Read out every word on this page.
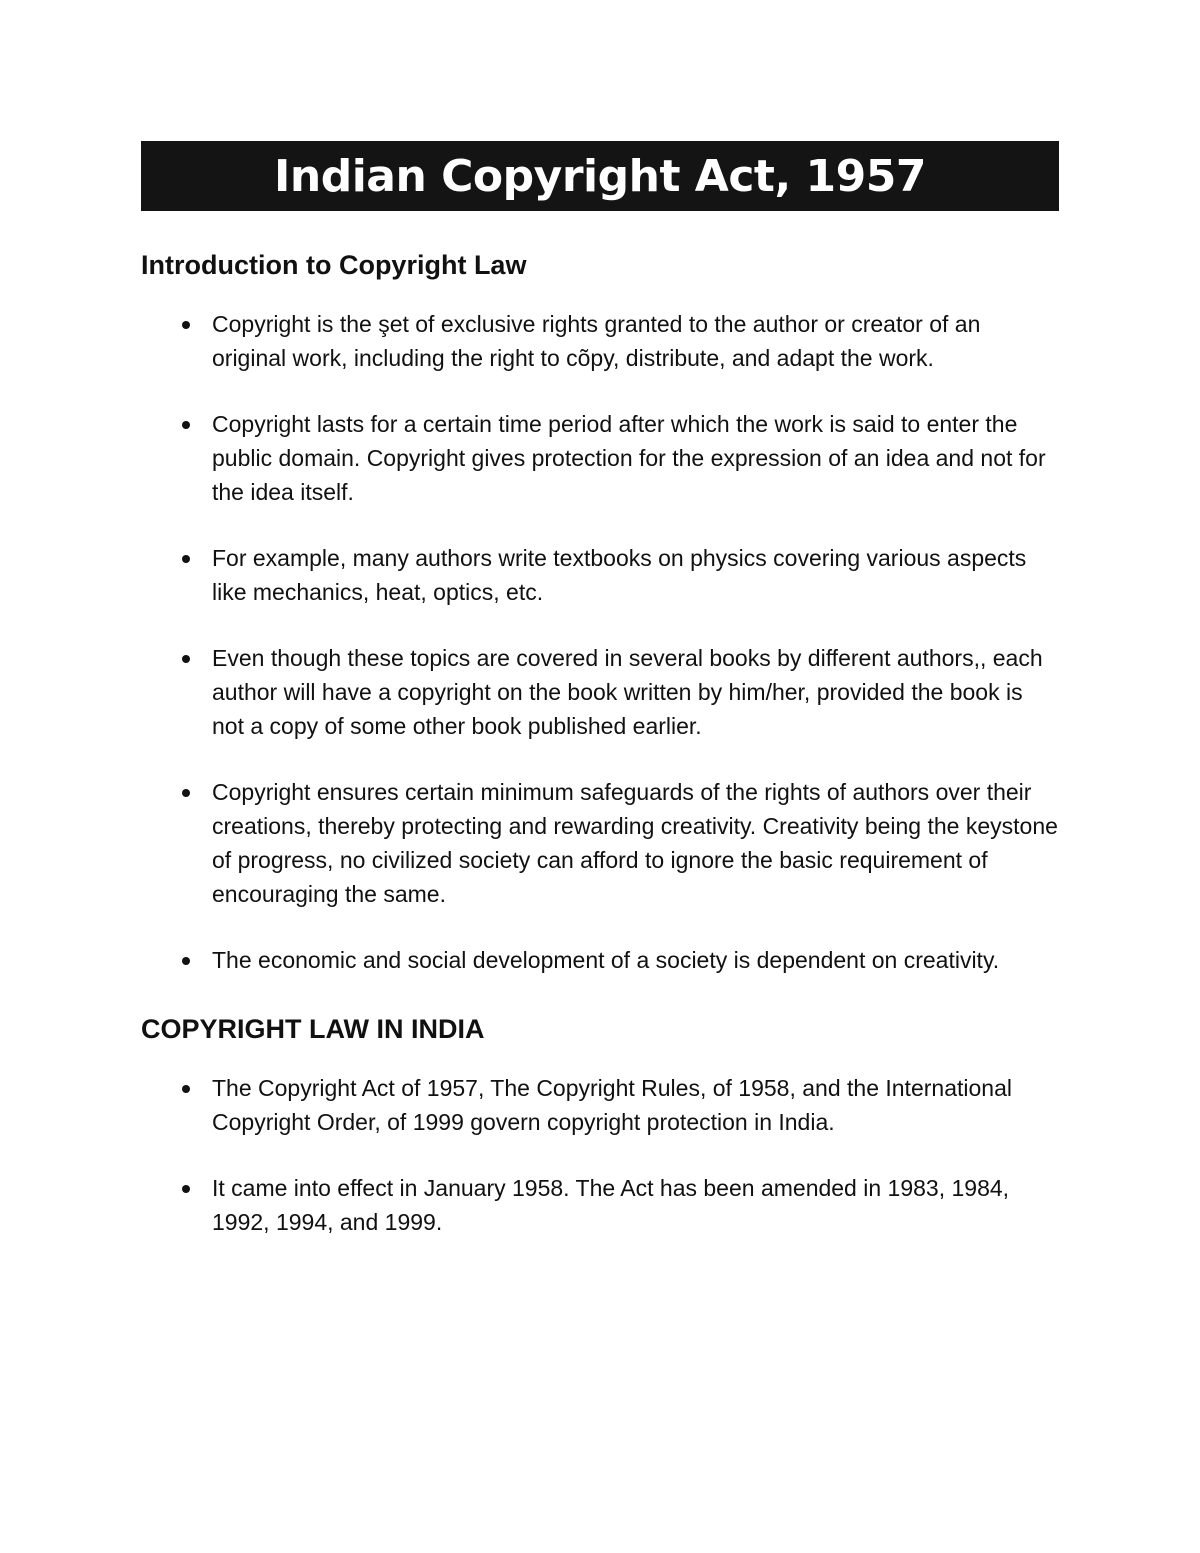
Indian Copyright Act, 1957
Introduction to Copyright Law
Copyright is the şet of exclusive rights granted to the author or creator of an original work, including the right to cõpy, distribute, and adapt the work.
Copyright lasts for a certain time period after which the work is said to enter the public domain. Copyright gives protection for the expression of an idea and not for the idea itself.
For example, many authors write textbooks on physics covering various aspects like mechanics, heat, optics, etc.
Even though these topics are covered in several books by different authors,, each author will have a copyright on the book written by him/her, provided the book is not a copy of some other book published earlier.
Copyright ensures certain minimum safeguards of the rights of authors over their creations, thereby protecting and rewarding creativity. Creativity being the keystone of progress, no civilized society can afford to ignore the basic requirement of encouraging the same.
The economic and social development of a society is dependent on creativity.
COPYRIGHT LAW IN INDIA
The Copyright Act of 1957, The Copyright Rules, of 1958, and the International Copyright Order, of 1999 govern copyright protection in India.
It came into effect in January 1958. The Act has been amended in 1983, 1984, 1992, 1994, and 1999.
